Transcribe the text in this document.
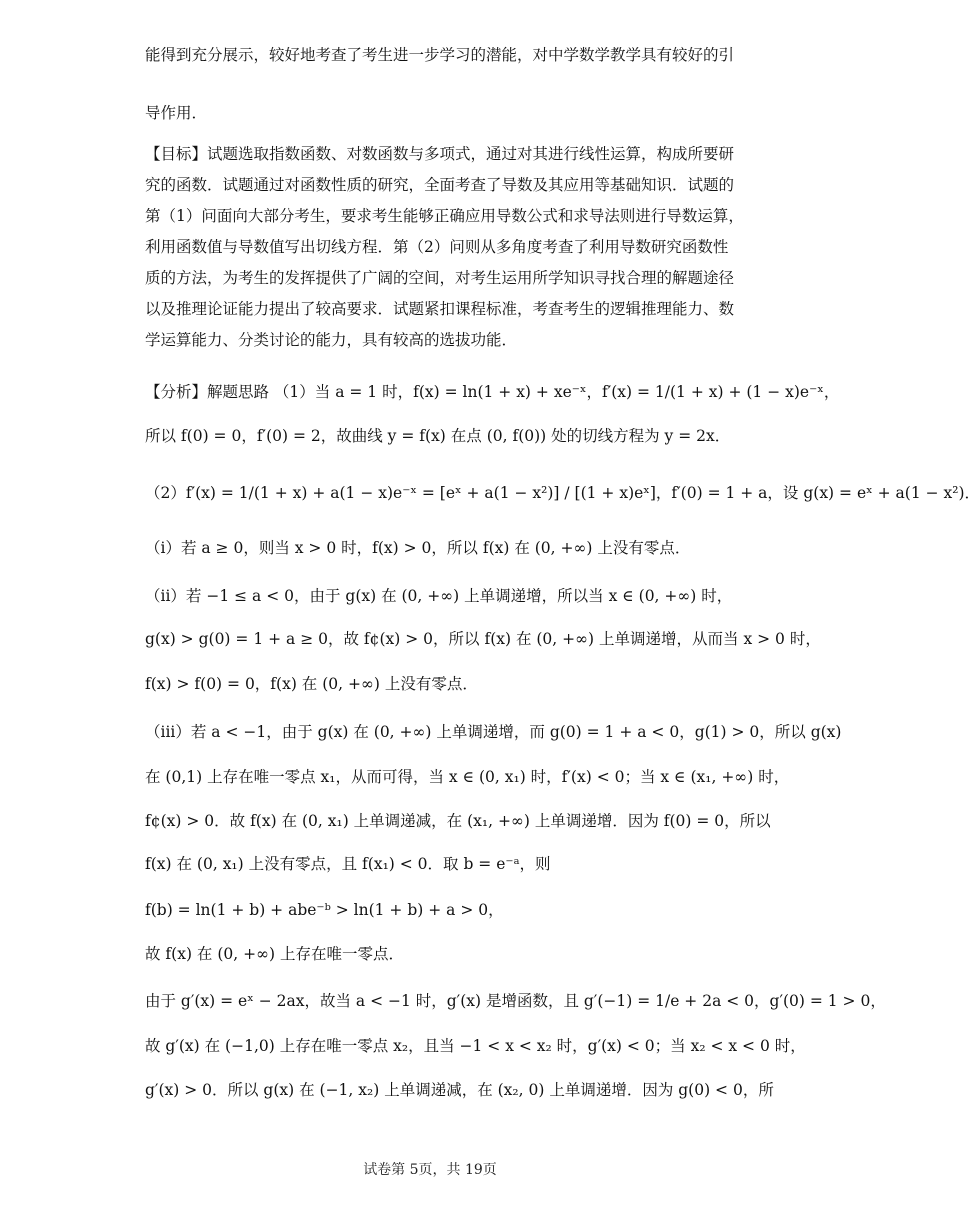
能得到充分展示，较好地考查了考生进一步学习的潜能，对中学数学教学具有较好的引
导作用．
【目标】试题选取指数函数、对数函数与多项式，通过对其进行线性运算，构成所要研
究的函数．试题通过对函数性质的研究，全面考查了导数及其应用等基础知识．试题的
第（1）问面向大部分考生，要求考生能够正确应用导数公式和求导法则进行导数运算，
利用函数值与导数值写出切线方程．第（2）问则从多角度考查了利用导数研究函数性
质的方法，为考生的发挥提供了广阔的空间，对考生运用所学知识寻找合理的解题途径
以及推理论证能力提出了较高要求．试题紧扣课程标准，考查考生的逻辑推理能力、数
学运算能力、分类讨论的能力，具有较高的选拔功能．
【分析】解题思路 （1）当 a = 1 时，f(x) = ln(1 + x) + xe⁻ˣ，f′(x) = 1/(1 + x) + (1 − x)e⁻ˣ，
所以 f(0) = 0，f′(0) = 2，故曲线 y = f(x) 在点 (0, f(0)) 处的切线方程为 y = 2x．
（2）f′(x) = 1/(1 + x) + a(1 − x)e⁻ˣ = [eˣ + a(1 − x²)] / [(1 + x)eˣ]，f′(0) = 1 + a，设 g(x) = eˣ + a(1 − x²)．
（i）若 a ≥ 0，则当 x > 0 时，f(x) > 0，所以 f(x) 在 (0, +∞) 上没有零点．
（ii）若 −1 ≤ a < 0，由于 g(x) 在 (0, +∞) 上单调递增，所以当 x ∈ (0, +∞) 时，
g(x) > g(0) = 1 + a ≥ 0，故 f¢(x) > 0，所以 f(x) 在 (0, +∞) 上单调递增，从而当 x > 0 时，
f(x) > f(0) = 0，f(x) 在 (0, +∞) 上没有零点．
（iii）若 a < −1，由于 g(x) 在 (0, +∞) 上单调递增，而 g(0) = 1 + a < 0，g(1) > 0，所以 g(x)
在 (0,1) 上存在唯一零点 x₁，从而可得，当 x ∈ (0, x₁) 时，f′(x) < 0；当 x ∈ (x₁, +∞) 时，
f¢(x) > 0．故 f(x) 在 (0, x₁) 上单调递减，在 (x₁, +∞) 上单调递增．因为 f(0) = 0，所以
f(x) 在 (0, x₁) 上没有零点，且 f(x₁) < 0．取 b = e⁻ᵃ，则
f(b) = ln(1 + b) + abe⁻ᵇ > ln(1 + b) + a > 0，
故 f(x) 在 (0, +∞) 上存在唯一零点．
由于 g′(x) = eˣ − 2ax，故当 a < −1 时，g′(x) 是增函数，且 g′(−1) = 1/e + 2a < 0，g′(0) = 1 > 0，
故 g′(x) 在 (−1,0) 上存在唯一零点 x₂，且当 −1 < x < x₂ 时，g′(x) < 0；当 x₂ < x < 0 时，
g′(x) > 0．所以 g(x) 在 (−1, x₂) 上单调递减，在 (x₂, 0) 上单调递增．因为 g(0) < 0，所
试卷第 5页，共 19页
